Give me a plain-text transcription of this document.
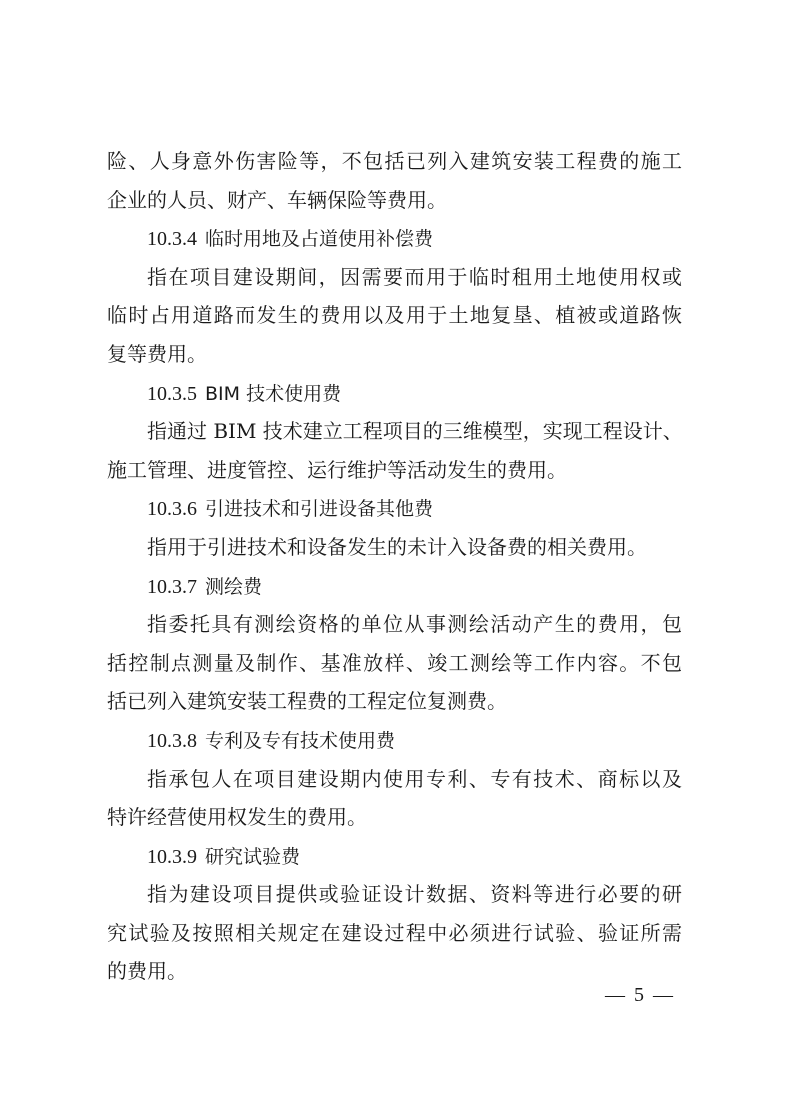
险、人身意外伤害险等，不包括已列入建筑安装工程费的施工
企业的人员、财产、车辆保险等费用。
10.3.4 临时用地及占道使用补偿费
指在项目建设期间，因需要而用于临时租用土地使用权或
临时占用道路而发生的费用以及用于土地复垦、植被或道路恢
复等费用。
10.3.5 BIM 技术使用费
指通过 BIM 技术建立工程项目的三维模型，实现工程设计、
施工管理、进度管控、运行维护等活动发生的费用。
10.3.6 引进技术和引进设备其他费
指用于引进技术和设备发生的未计入设备费的相关费用。
10.3.7 测绘费
指委托具有测绘资格的单位从事测绘活动产生的费用，包
括控制点测量及制作、基准放样、竣工测绘等工作内容。不包
括已列入建筑安装工程费的工程定位复测费。
10.3.8 专利及专有技术使用费
指承包人在项目建设期内使用专利、专有技术、商标以及
特许经营使用权发生的费用。
10.3.9 研究试验费
指为建设项目提供或验证设计数据、资料等进行必要的研
究试验及按照相关规定在建设过程中必须进行试验、验证所需
的费用。
— 5 —
